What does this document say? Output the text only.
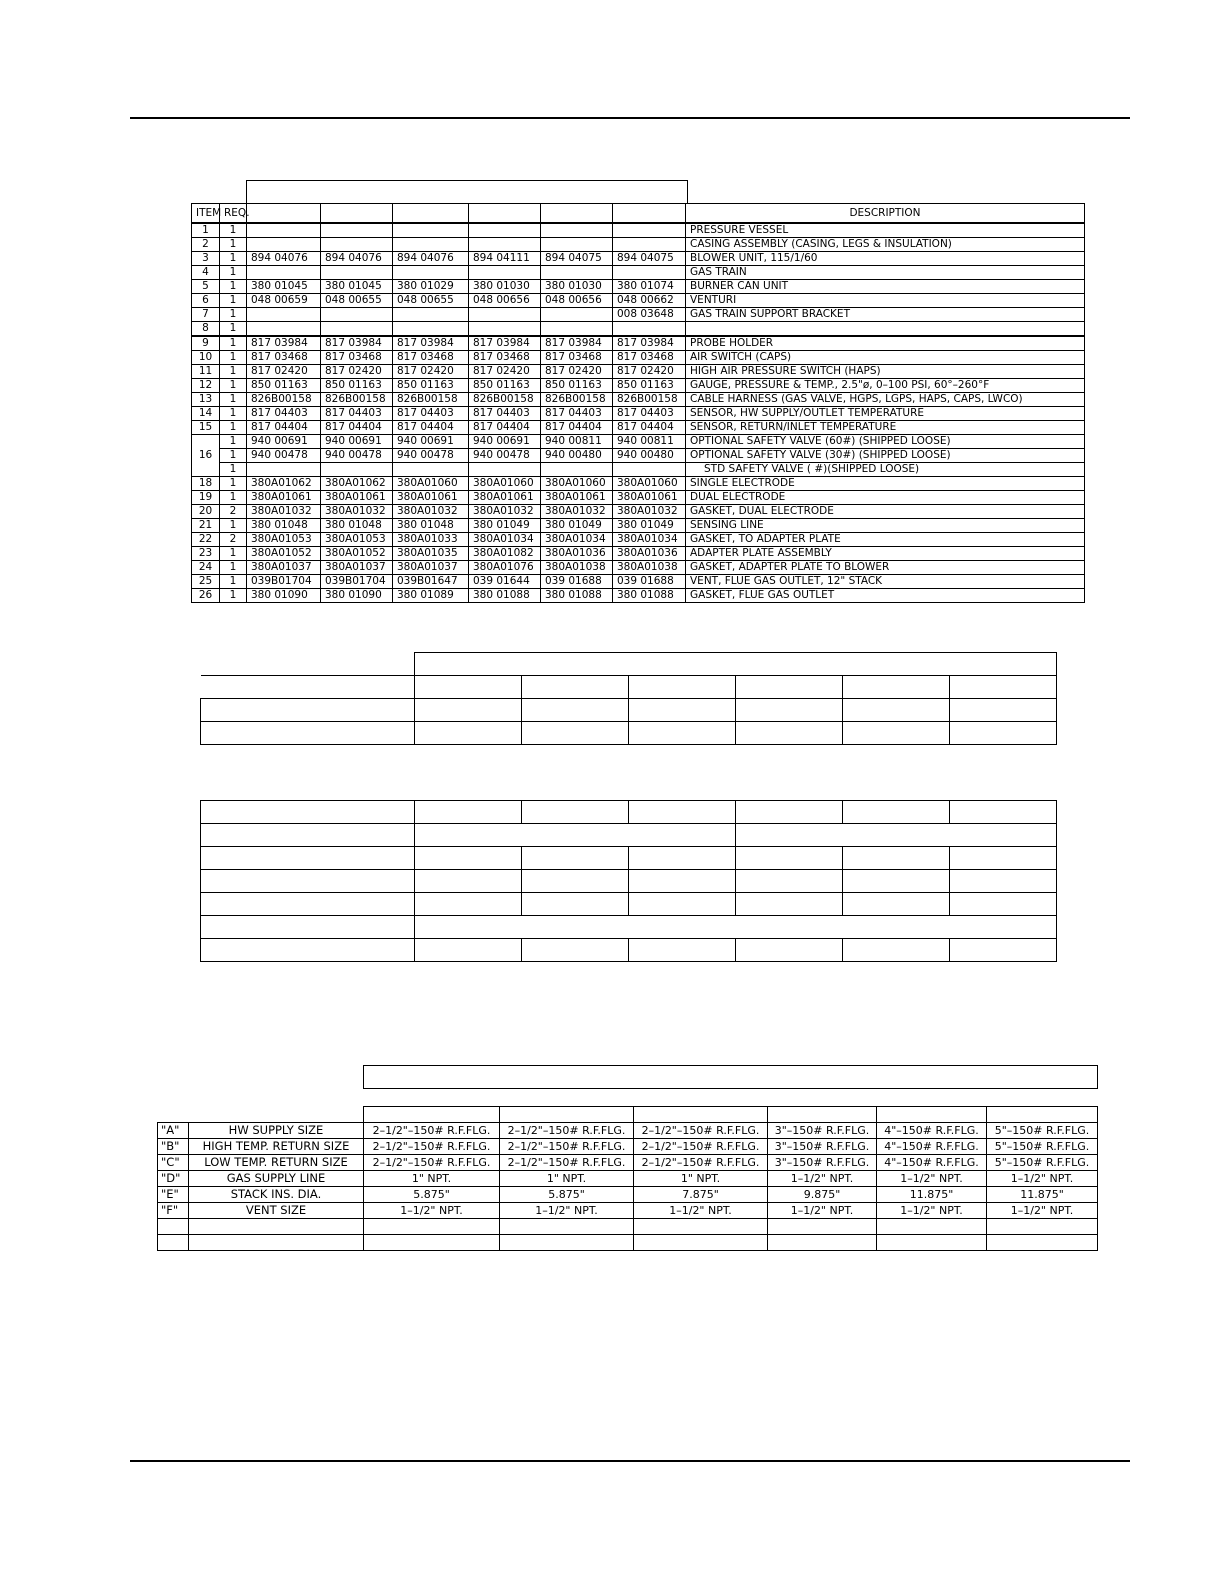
ITEM	REQ.							DESCRIPTION
1	1							PRESSURE VESSEL
2	1							CASING ASSEMBLY (CASING, LEGS & INSULATION)
3	1	894 04076	894 04076	894 04076	894 04111	894 04075	894 04075	BLOWER UNIT, 115/1/60
4	1							GAS TRAIN
5	1	380 01045	380 01045	380 01029	380 01030	380 01030	380 01074	BURNER CAN UNIT
6	1	048 00659	048 00655	048 00655	048 00656	048 00656	048 00662	VENTURI
7	1						008 03648	GAS TRAIN SUPPORT BRACKET
8	1							
9	1	817 03984	817 03984	817 03984	817 03984	817 03984	817 03984	PROBE HOLDER
10	1	817 03468	817 03468	817 03468	817 03468	817 03468	817 03468	AIR SWITCH (CAPS)
11	1	817 02420	817 02420	817 02420	817 02420	817 02420	817 02420	HIGH AIR PRESSURE SWITCH (HAPS)
12	1	850 01163	850 01163	850 01163	850 01163	850 01163	850 01163	GAUGE, PRESSURE & TEMP., 2.5"ø, 0–100 PSI, 60°–260°F
13	1	826B00158	826B00158	826B00158	826B00158	826B00158	826B00158	CABLE HARNESS (GAS VALVE, HGPS, LGPS, HAPS, CAPS, LWCO)
14	1	817 04403	817 04403	817 04403	817 04403	817 04403	817 04403	SENSOR, HW SUPPLY/OUTLET TEMPERATURE
15	1	817 04404	817 04404	817 04404	817 04404	817 04404	817 04404	SENSOR, RETURN/INLET TEMPERATURE
16	1	940 00691	940 00691	940 00691	940 00691	940 00811	940 00811	OPTIONAL SAFETY VALVE (60#) (SHIPPED LOOSE)
	1	940 00478	940 00478	940 00478	940 00478	940 00480	940 00480	OPTIONAL SAFETY VALVE (30#) (SHIPPED LOOSE)
	1							STD SAFETY VALVE ( #)(SHIPPED LOOSE)
18	1	380A01062	380A01062	380A01060	380A01060	380A01060	380A01060	SINGLE ELECTRODE
19	1	380A01061	380A01061	380A01061	380A01061	380A01061	380A01061	DUAL ELECTRODE
20	2	380A01032	380A01032	380A01032	380A01032	380A01032	380A01032	GASKET, DUAL ELECTRODE
21	1	380 01048	380 01048	380 01048	380 01049	380 01049	380 01049	SENSING LINE
22	2	380A01053	380A01053	380A01033	380A01034	380A01034	380A01034	GASKET, TO ADAPTER PLATE
23	1	380A01052	380A01052	380A01035	380A01082	380A01036	380A01036	ADAPTER PLATE ASSEMBLY
24	1	380A01037	380A01037	380A01037	380A01076	380A01038	380A01038	GASKET, ADAPTER PLATE TO BLOWER
25	1	039B01704	039B01704	039B01647	039 01644	039 01688	039 01688	VENT, FLUE GAS OUTLET, 12" STACK
26	1	380 01090	380 01090	380 01089	380 01088	380 01088	380 01088	GASKET, FLUE GAS OUTLET

"A"	HW SUPPLY SIZE	2–1/2"–150# R.F.FLG.	2–1/2"–150# R.F.FLG.	2–1/2"–150# R.F.FLG.	3"–150# R.F.FLG.	4"–150# R.F.FLG.	5"–150# R.F.FLG.
"B"	HIGH TEMP. RETURN SIZE	2–1/2"–150# R.F.FLG.	2–1/2"–150# R.F.FLG.	2–1/2"–150# R.F.FLG.	3"–150# R.F.FLG.	4"–150# R.F.FLG.	5"–150# R.F.FLG.
"C"	LOW TEMP. RETURN SIZE	2–1/2"–150# R.F.FLG.	2–1/2"–150# R.F.FLG.	2–1/2"–150# R.F.FLG.	3"–150# R.F.FLG.	4"–150# R.F.FLG.	5"–150# R.F.FLG.
"D"	GAS SUPPLY LINE	1" NPT.	1" NPT.	1" NPT.	1–1/2" NPT.	1–1/2" NPT.	1–1/2" NPT.
"E"	STACK INS. DIA.	5.875"	5.875"	7.875"	9.875"	11.875"	11.875"
"F"	VENT SIZE	1–1/2" NPT.	1–1/2" NPT.	1–1/2" NPT.	1–1/2" NPT.	1–1/2" NPT.	1–1/2" NPT.
